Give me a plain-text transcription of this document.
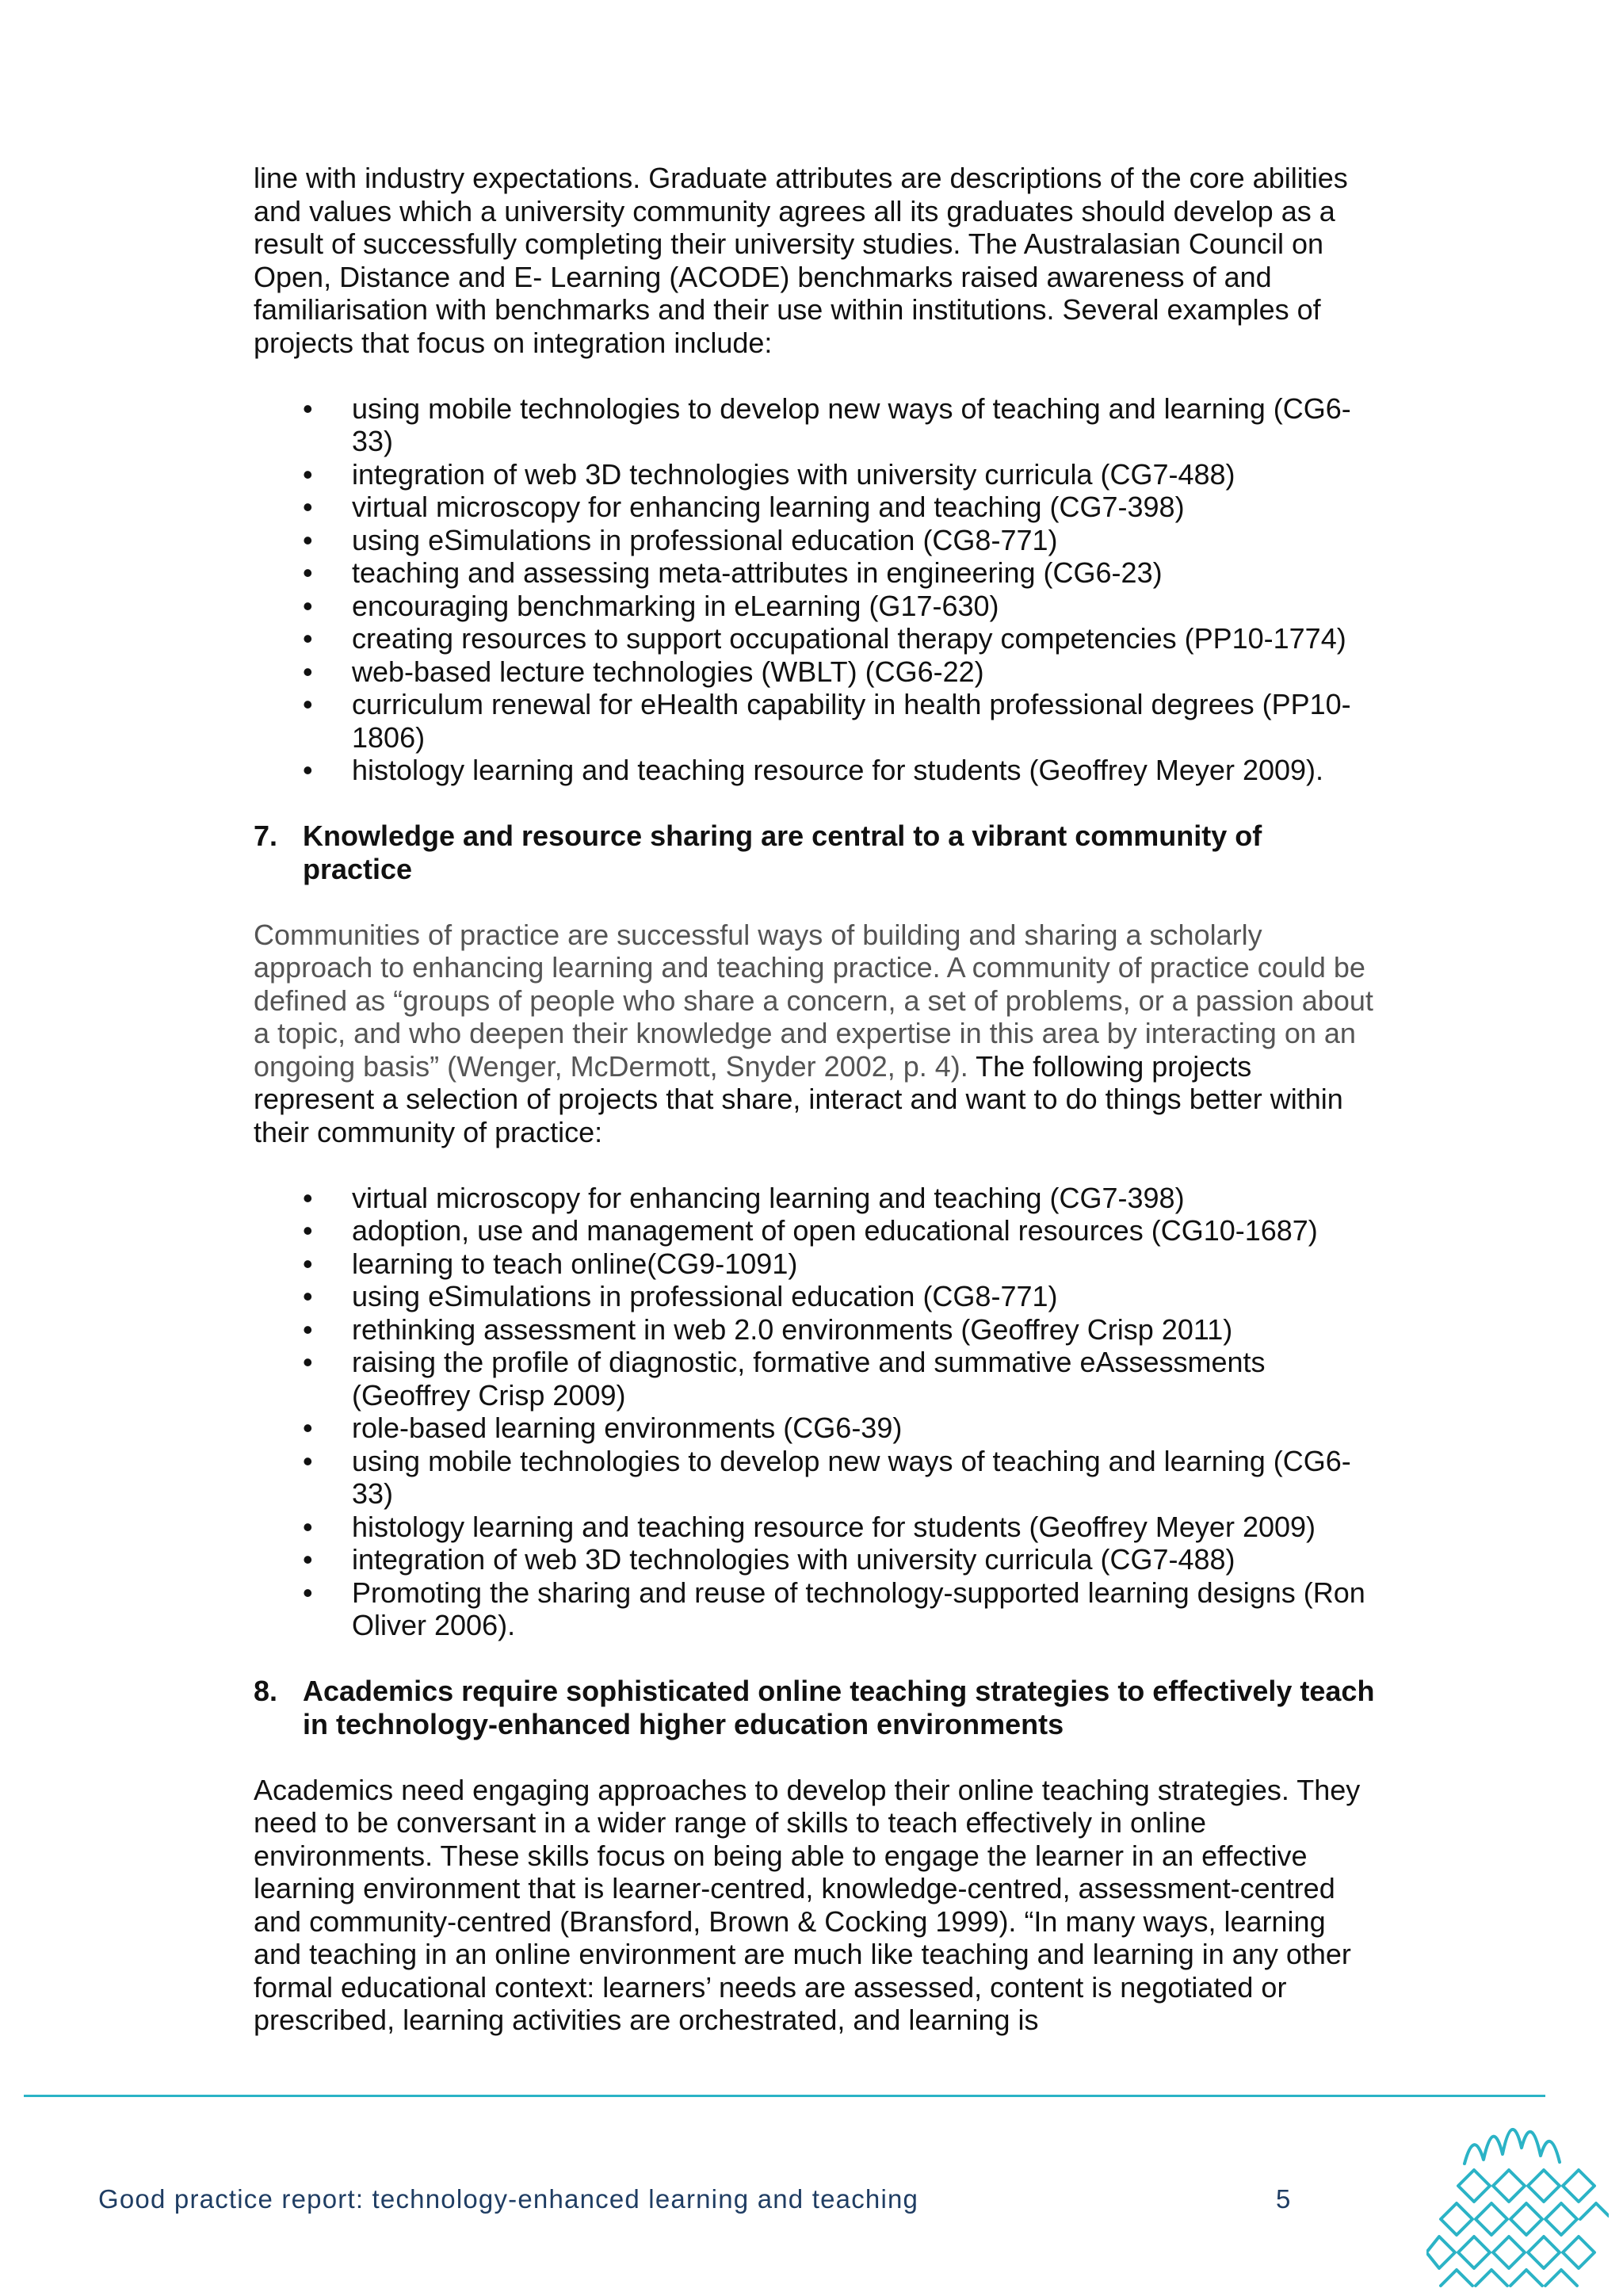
line with industry expectations. Graduate attributes are descriptions of the core abilities and values which a university community agrees all its graduates should develop as a result of successfully completing their university studies. The Australasian Council on Open, Distance and E- Learning (ACODE) benchmarks raised awareness of and familiarisation with benchmarks and their use within institutions. Several examples of projects that focus on integration include:

• using mobile technologies to develop new ways of teaching and learning (CG6-33)
• integration of web 3D technologies with university curricula (CG7-488)
• virtual microscopy for enhancing learning and teaching (CG7-398)
• using eSimulations in professional education (CG8-771)
• teaching and assessing meta-attributes in engineering (CG6-23)
• encouraging benchmarking in eLearning (G17-630)
• creating resources to support occupational therapy competencies (PP10-1774)
• web-based lecture technologies (WBLT) (CG6-22)
• curriculum renewal for eHealth capability in health professional degrees (PP10-1806)
• histology learning and teaching resource for students (Geoffrey Meyer 2009).
7. Knowledge and resource sharing are central to a vibrant community of practice

Communities of practice are successful ways of building and sharing a scholarly approach to enhancing learning and teaching practice. A community of practice could be defined as “groups of people who share a concern, a set of problems, or a passion about a topic, and who deepen their knowledge and expertise in this area by interacting on an ongoing basis” (Wenger, McDermott, Snyder 2002, p. 4). The following projects represent a selection of projects that share, interact and want to do things better within their community of practice:

• virtual microscopy for enhancing learning and teaching (CG7-398)
• adoption, use and management of open educational resources (CG10-1687)
• learning to teach online(CG9-1091)
• using eSimulations in professional education (CG8-771)
• rethinking assessment in web 2.0 environments (Geoffrey Crisp 2011)
• raising the profile of diagnostic, formative and summative eAssessments (Geoffrey Crisp 2009)
• role-based learning environments (CG6-39)
• using mobile technologies to develop new ways of teaching and learning (CG6-33)
• histology learning and teaching resource for students (Geoffrey Meyer 2009)
• integration of web 3D technologies with university curricula (CG7-488)
• Promoting the sharing and reuse of technology-supported learning designs (Ron Oliver 2006).
8. Academics require sophisticated online teaching strategies to effectively teach in technology-enhanced higher education environments

Academics need engaging approaches to develop their online teaching strategies. They need to be conversant in a wider range of skills to teach effectively in online environments. These skills focus on being able to engage the learner in an effective learning environment that is learner-centred, knowledge-centred, assessment-centred and community-centred (Bransford, Brown & Cocking 1999). “In many ways, learning and teaching in an online environment are much like teaching and learning in any other formal educational context: learners’ needs are assessed, content is negotiated or prescribed, learning activities are orchestrated, and learning is

Good practice report: technology-enhanced learning and teaching	5
